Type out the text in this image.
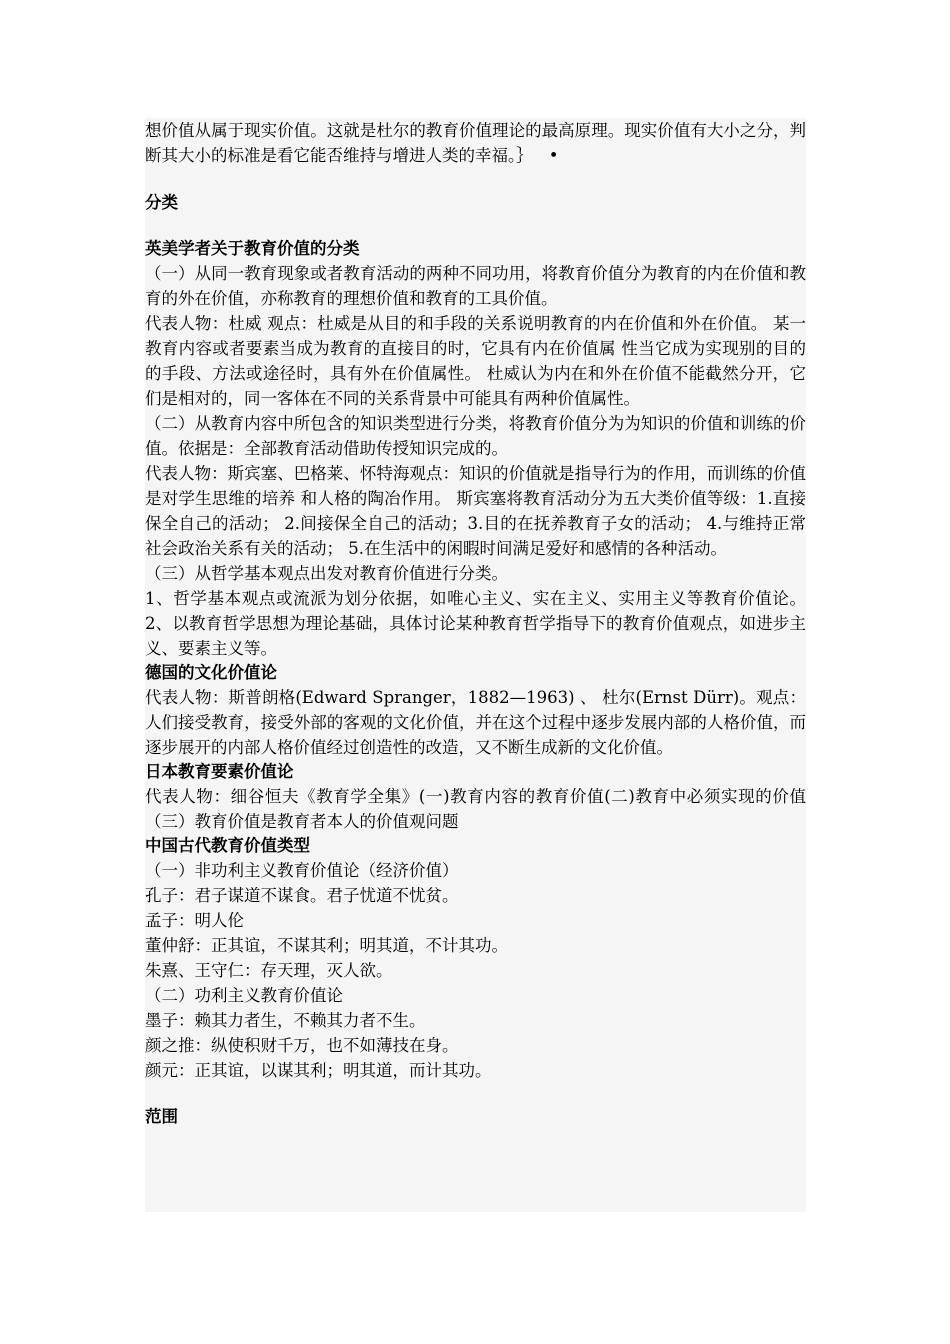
想价值从属于现实价值。这就是杜尔的教育价值理论的最高原理。现实价值有大小之分，判断其大小的标准是看它能否维持与增进人类的幸福。｝ •

分类

英美学者关于教育价值的分类

（一）从同一教育现象或者教育活动的两种不同功用，将教育价值分为教育的内在价值和教育的外在价值，亦称教育的理想价值和教育的工具价值。

代表人物：杜威 观点：杜威是从目的和手段的关系说明教育的内在价值和外在价值。 某一教育内容或者要素当成为教育的直接目的时，它具有内在价值属 性当它成为实现别的目的的手段、方法或途径时，具有外在价值属性。 杜威认为内在和外在价值不能截然分开，它们是相对的，同一客体在不同的关系背景中可能具有两种价值属性。

（二）从教育内容中所包含的知识类型进行分类，将教育价值分为为知识的价值和训练的价值。依据是：全部教育活动借助传授知识完成的。

代表人物：斯宾塞、巴格莱、怀特海观点：知识的价值就是指导行为的作用，而训练的价值是对学生思维的培养 和人格的陶冶作用。 斯宾塞将教育活动分为五大类价值等级：1.直接保全自己的活动； 2.间接保全自己的活动；3.目的在抚养教育子女的活动； 4.与维持正常社会政治关系有关的活动； 5.在生活中的闲暇时间满足爱好和感情的各种活动。

（三）从哲学基本观点出发对教育价值进行分类。

1、哲学基本观点或流派为划分依据，如唯心主义、实在主义、实用主义等教育价值论。2、以教育哲学思想为理论基础，具体讨论某种教育哲学指导下的教育价值观点，如进步主义、要素主义等。

德国的文化价值论

代表人物：斯普朗格(Edward Spranger，1882—1963) 、 杜尔(Ernst Dürr)。观点：人们接受教育，接受外部的客观的文化价值，并在这个过程中逐步发展内部的人格价值，而逐步展开的内部人格价值经过创造性的改造，又不断生成新的文化价值。

日本教育要素价值论

代表人物：细谷恒夫《教育学全集》(一)教育内容的教育价值(二)教育中必须实现的价值（三）教育价值是教育者本人的价值观问题

中国古代教育价值类型

（一）非功利主义教育价值论（经济价值）

孔子：君子谋道不谋食。君子忧道不忧贫。

孟子：明人伦

董仲舒：正其谊，不谋其利；明其道，不计其功。

朱熹、王守仁：存天理，灭人欲。

（二）功利主义教育价值论

墨子：赖其力者生，不赖其力者不生。

颜之推：纵使积财千万，也不如薄技在身。

颜元：正其谊，以谋其利；明其道，而计其功。

范围
